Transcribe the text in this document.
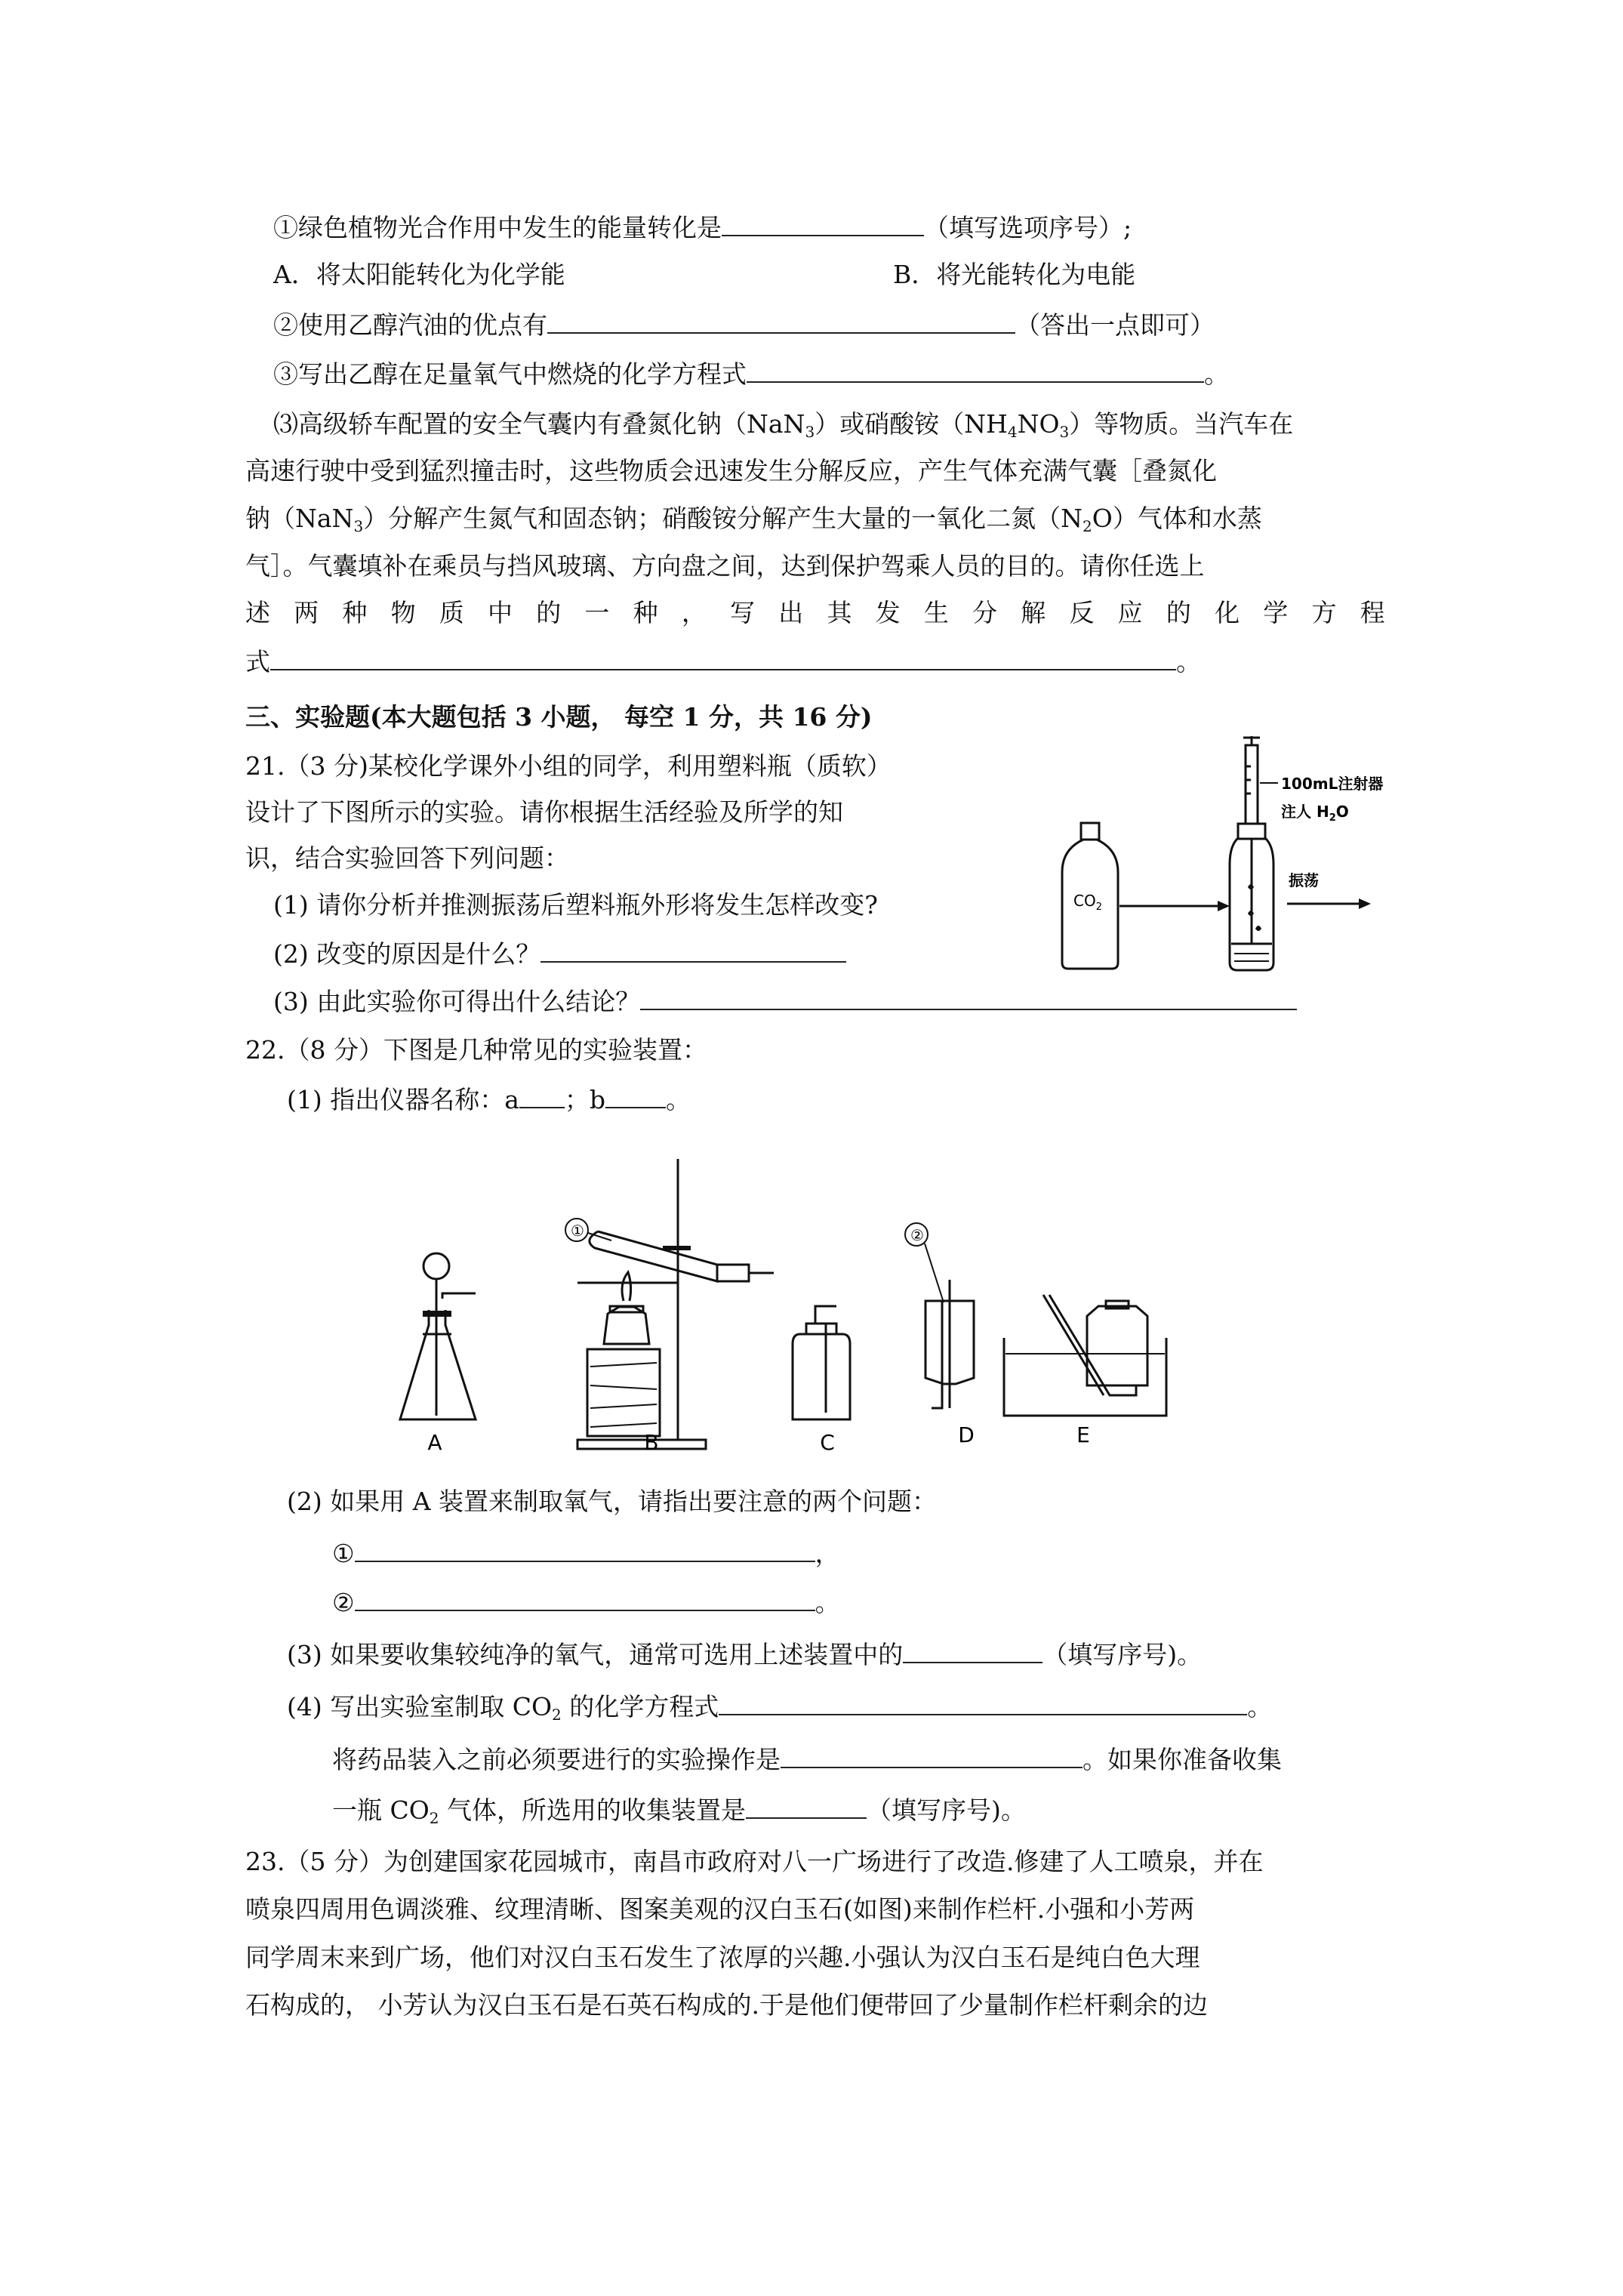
①绿色植物光合作用中发生的能量转化是	（填写选项序号）;
A．将太阳能转化为化学能	B．将光能转化为电能
②使用乙醇汽油的优点有	（答出一点即可）
③写出乙醇在足量氧气中燃烧的化学方程式	。
⑶高级轿车配置的安全气囊内有叠氮化钠（NaN$_3$）或硝酸铵$(NH_4NO_3)$等物质。当汽车在
高速行驶中受到猛烈撞击时，这些物质会迅速发生分解反应，产生气体充满气囊［叠氮化
钠（NaN$_3$）分解产生氮气和固态钠；硝酸铵分解产生大量的一氧化二氮$(N_2O)$气体和水蒸
气］。气囊填补在乘员与挡风玻璃、方向盘之间，达到保护驾乘人员的目的。请你任选上
述 两 种 物 质 中 的 一 种 ， 写 出 其 发 生 分 解 反 应 的 化 学 方 程
式	。
三、实验题(本大题包括 3 小题， 每空 1 分，共 16 分)
21.（3 分)某校化学课外小组的同学，利用塑料瓶（质软）
设计了下图所示的实验。请你根据生活经验及所学的知
识，结合实验回答下列问题：
(1) 请你分析并推测振荡后塑料瓶外形将发生怎样改变?
(2) 改变的原因是什么？
(3) 由此实验你可得出什么结论？
$CO_2$
100mL注射器
注人 $H_2O$
振荡
22.（8 分）下图是几种常见的实验装置：
(1) 指出仪器名称：a ；b 。
①	②
A	B	C	D	E
(2) 如果用 A 装置来制取氧气，请指出要注意的两个问题：
①	，
②	。
(3) 如果要收集较纯净的氧气，通常可选用上述装置中的	（填写序号)。
(4) 写出实验室制取 $CO_2$ 的化学方程式	。
将药品装入之前必须要进行的实验操作是	。如果你准备收集
一瓶 $CO_2$ 气体，所选用的收集装置是	（填写序号)。
23.（5 分）为创建国家花园城市，南昌市政府对八一广场进行了改造.修建了人工喷泉，并在
喷泉四周用色调淡雅、纹理清晰、图案美观的汉白玉石(如图)来制作栏杆.小强和小芳两
同学周末来到广场，他们对汉白玉石发生了浓厚的兴趣.小强认为汉白玉石是纯白色大理
石构成的， 小芳认为汉白玉石是石英石构成的.于是他们便带回了少量制作栏杆剩余的边
